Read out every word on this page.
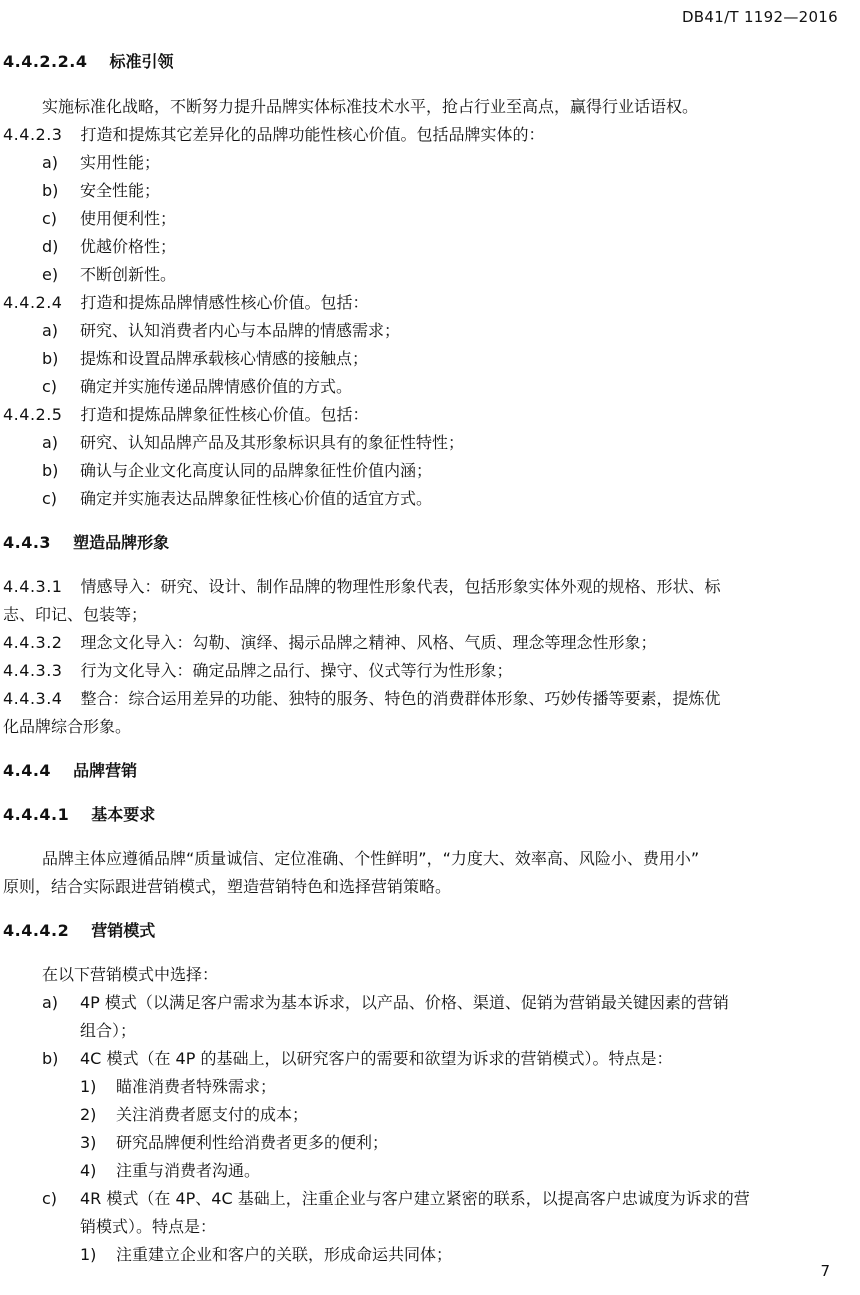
DB41/T 1192—2016
4.4.2.2.4 标准引领
实施标准化战略，不断努力提升品牌实体标准技术水平，抢占行业至高点，赢得行业话语权。
4.4.2.3 打造和提炼其它差异化的品牌功能性核心价值。包括品牌实体的：
a) 实用性能；
b) 安全性能；
c) 使用便利性；
d) 优越价格性；
e) 不断创新性。
4.4.2.4 打造和提炼品牌情感性核心价值。包括：
a) 研究、认知消费者内心与本品牌的情感需求；
b) 提炼和设置品牌承载核心情感的接触点；
c) 确定并实施传递品牌情感价值的方式。
4.4.2.5 打造和提炼品牌象征性核心价值。包括：
a) 研究、认知品牌产品及其形象标识具有的象征性特性；
b) 确认与企业文化高度认同的品牌象征性价值内涵；
c) 确定并实施表达品牌象征性核心价值的适宜方式。
4.4.3 塑造品牌形象
4.4.3.1 情感导入：研究、设计、制作品牌的物理性形象代表，包括形象实体外观的规格、形状、标
志、印记、包装等；
4.4.3.2 理念文化导入：勾勒、演绎、揭示品牌之精神、风格、气质、理念等理念性形象；
4.4.3.3 行为文化导入：确定品牌之品行、操守、仪式等行为性形象；
4.4.3.4 整合：综合运用差异的功能、独特的服务、特色的消费群体形象、巧妙传播等要素，提炼优
化品牌综合形象。
4.4.4 品牌营销
4.4.4.1 基本要求
品牌主体应遵循品牌“质量诚信、定位准确、个性鲜明”，“力度大、效率高、风险小、费用小”
原则，结合实际跟进营销模式，塑造营销特色和选择营销策略。
4.4.4.2 营销模式
在以下营销模式中选择：
a) 4P 模式（以满足客户需求为基本诉求，以产品、价格、渠道、促销为营销最关键因素的营销
组合）；
b) 4C 模式（在 4P 的基础上，以研究客户的需要和欲望为诉求的营销模式）。特点是：
1) 瞄准消费者特殊需求；
2) 关注消费者愿支付的成本；
3) 研究品牌便利性给消费者更多的便利；
4) 注重与消费者沟通。
c) 4R 模式（在 4P、4C 基础上，注重企业与客户建立紧密的联系，以提高客户忠诚度为诉求的营
销模式）。特点是：
1) 注重建立企业和客户的关联，形成命运共同体；
7
